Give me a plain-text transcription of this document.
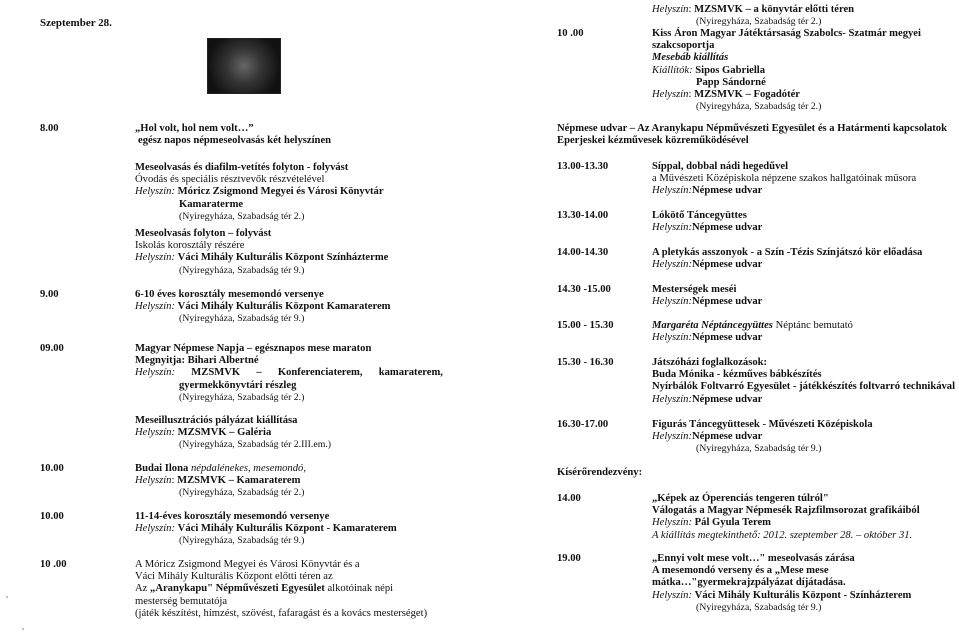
Szeptember 28.
8.00	„Hol volt, hol nem volt…”
egész napos népmeseolvasás két helyszínen
Meseolvasás és diafilm-vetítés folyton - folyvást
Óvodás és speciális résztvevők részvételével
Helyszín: Móricz Zsigmond Megyei és Városi Könyvtár
Kamaraterme
(Nyiregyháza, Szabadság tér 2.)
Meseolvasás folyton – folyvást
Iskolás korosztály részére
Helyszín: Váci Mihály Kulturális Központ Színházterme
(Nyiregyháza, Szabadság tér 9.)
9.00	6-10 éves korosztály mesemondó versenye
Helyszín: Váci Mihály Kulturális Központ Kamaraterem
(Nyiregyháza, Szabadság tér 9.)
09.00	Magyar Népmese Napja – egésznapos mese maraton
Megnyitja: Bihari Albertné
Helyszín: MZSMVK – Konferenciaterem, kamaraterem,
gyermekkönyvtári részleg
(Nyiregyháza, Szabadság tér 2.)
Meseillusztrációs pályázat kiállítása
Helyszín: MZSMVK – Galéria
(Nyiregyháza, Szabadság tér 2.III.em.)
10.00	Budai Ilona népdalénekes, mesemondó,
Helyszín: MZSMVK – Kamaraterem
(Nyiregyháza, Szabadság tér 2.)
10.00	11-14-éves korosztály mesemondó versenye
Helyszín: Váci Mihály Kulturális Központ - Kamaraterem
(Nyiregyháza, Szabadság tér 9.)
10 .00	A Móricz Zsigmond Megyei és Városi Könyvtár és a
Váci Mihály Kulturális Központ előtti téren az
Az „Aranykapu" Népművészeti Egyesület alkotóinak népi
mesterség bemutatója
(játék készítést, hímzést, szövést, fafaragást és a kovács mesterséget)
Helyszín: MZSMVK – a könyvtár előtti téren
(Nyiregyháza, Szabadság tér 2.)
10 .00	Kiss Áron Magyar Játéktársaság Szabolcs- Szatmár megyei
szakcsoportja
Mesebáb kiállítás
Kiállítók: Sipos Gabriella
Papp Sándorné
Helyszín: MZSMVK – Fogadótér
(Nyiregyháza, Szabadság tér 2.)
Népmese udvar – Az Aranykapu Népművészeti Egyesület és a Határmenti kapcsolatok
Eperjeskei kézművesek közreműködésével
13.00-13.30	Síppal, dobbal nádi hegedűvel
a Művészeti Középiskola népzene szakos hallgatóinak műsora
Helyszín:Népmese udvar
13.30-14.00	Lókötő Táncegyüttes
Helyszín:Népmese udvar
14.00-14.30	A pletykás asszonyok - a Szín -Tézis Színjátszó kör előadása
Helyszín:Népmese udvar
14.30 -15.00	Mesterségek meséi
Helyszín:Népmese udvar
15.00 - 15.30	Margaréta Néptáncegyüttes Néptánc bemutató
Helyszín:Népmese udvar
15.30 - 16.30	Játszóházi foglalkozások:
Buda Mónika - kézműves bábkészítés
Nyírbálók Foltvarró Egyesület - játékkészítés foltvarró technikával
Helyszín:Népmese udvar
16.30-17.00	Figurás Táncegyüttesek - Művészeti Középiskola
Helyszín:Népmese udvar
(Nyiregyháza, Szabadság tér 9.)
Kísérőrendezvény:
14.00	„Képek az Óperenciás tengeren túlról"
Válogatás a Magyar Népmesék Rajzfilmsorozat grafikáiból
Helyszín: Pál Gyula Terem
A kiállítás megtekinthető: 2012. szeptember 28. – október 31.
19.00	„Ennyi volt mese volt…" meseolvasás zárása
A mesemondó verseny és a „Mese mese
mátka…"gyermekrajzpályázat díjátadása.
Helyszín: Váci Mihály Kulturális Központ - Színházterem
(Nyiregyháza, Szabadság tér 9.)
